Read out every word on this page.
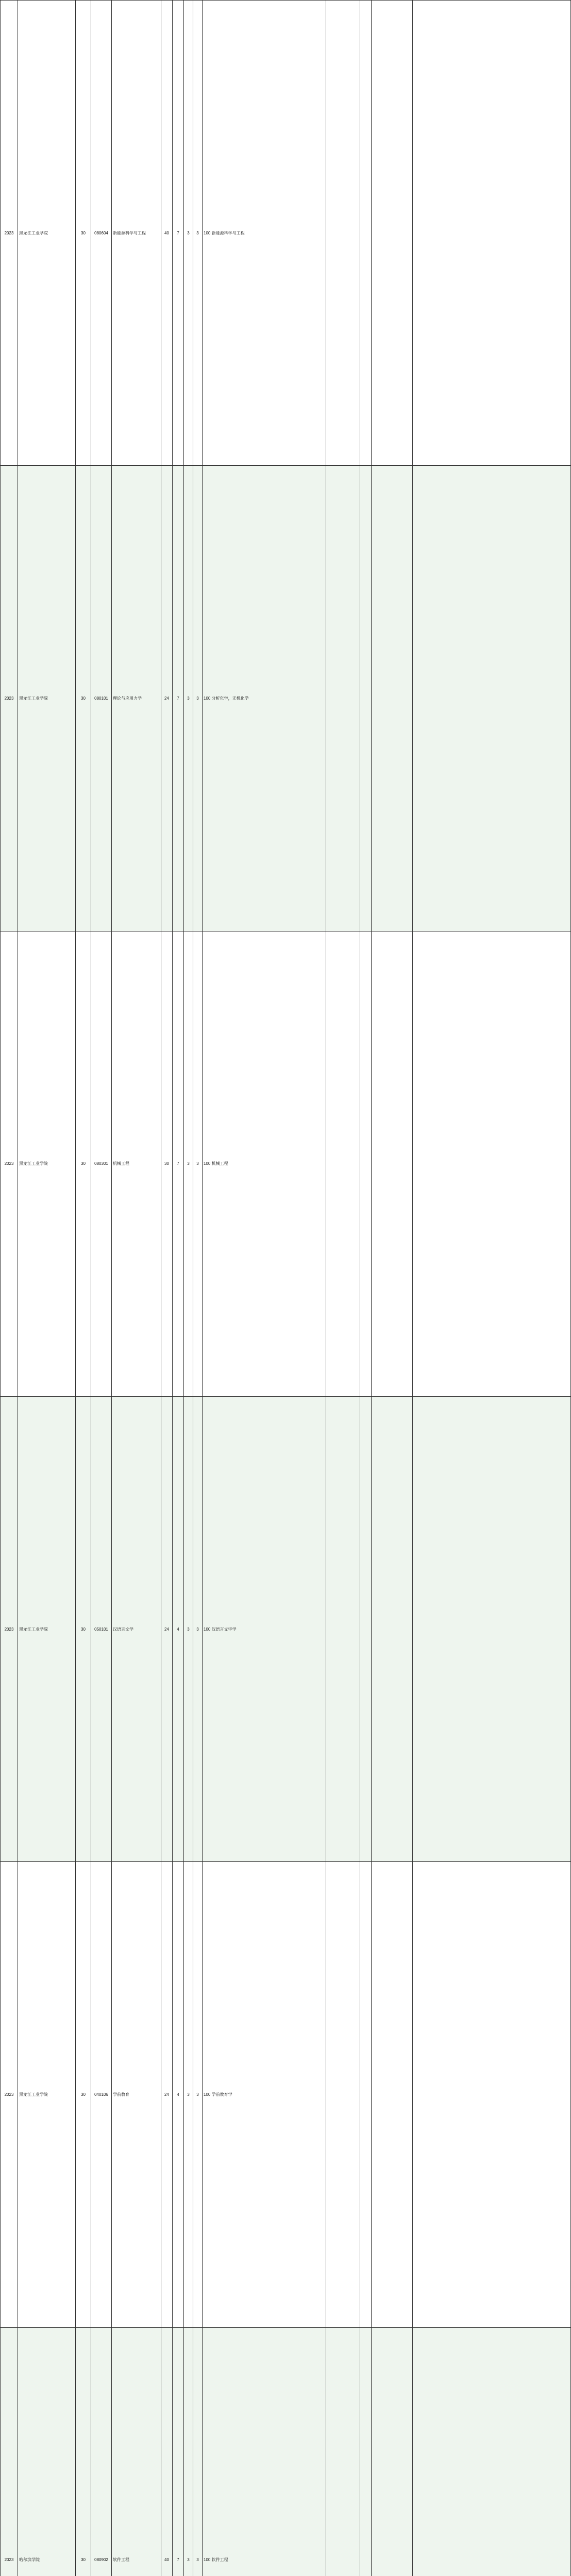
2023	黑龙江工业学院	30	080604	新能源科学与工程	40	7	3	3	100 新能源科学与工程
2023	黑龙江工业学院	30	080101	理论与应用力学	24	7	3	3	100 分析化学，无机化学
2023	黑龙江工业学院	30	080301	机械工程	30	7	3	3	100 机械工程
2023	黑龙江工业学院	30	050101	汉语言文学	24	4	3	3	100 汉语言文字学
2023	黑龙江工业学院	30	040106	学前教育	24	4	3	3	100 学前教育学
2023	哈尔滨学院	30	080902	软件工程	40	7	3	3	100 软件工程
